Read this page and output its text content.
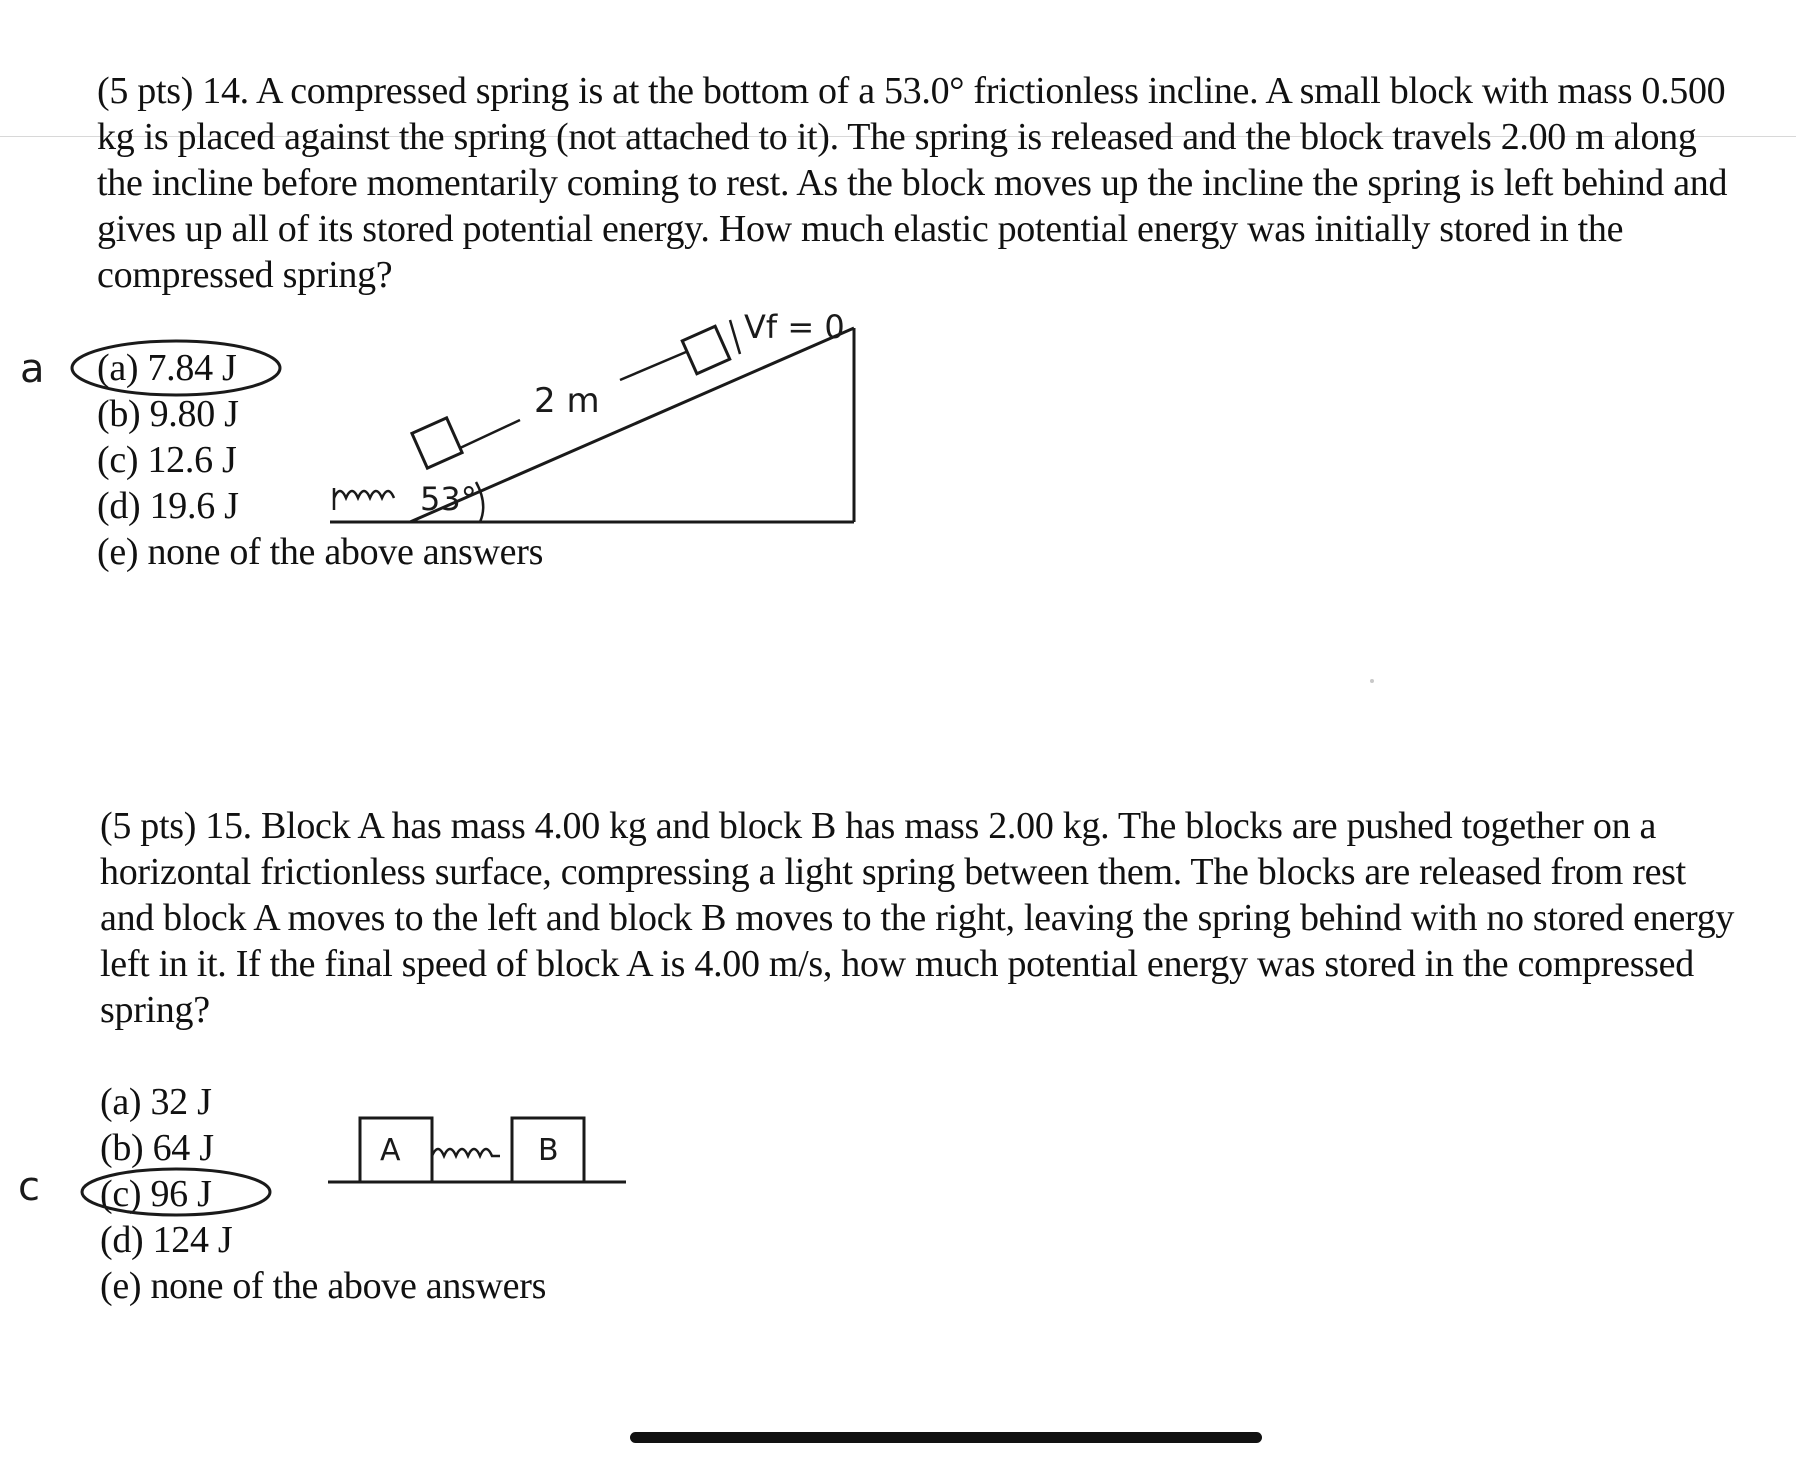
(5 pts) 14. A compressed spring is at the bottom of a 53.0° frictionless incline. A small block with mass 0.500 kg is placed against the spring (not attached to it). The spring is released and the block travels 2.00 m along the incline before momentarily coming to rest. As the block moves up the incline the spring is left behind and gives up all of its stored potential energy. How much elastic potential energy was initially stored in the compressed spring?
(a) 7.84 J
(b) 9.80 J
(c) 12.6 J
(d) 19.6 J
(e) none of the above answers
a
2 m
53°
Vf = 0
(5 pts) 15. Block A has mass 4.00 kg and block B has mass 2.00 kg. The blocks are pushed together on a horizontal frictionless surface, compressing a light spring between them. The blocks are released from rest and block A moves to the left and block B moves to the right, leaving the spring behind with no stored energy left in it. If the final speed of block A is 4.00 m/s, how much potential energy was stored in the compressed spring?
(a) 32 J
(b) 64 J
(c) 96 J
(d) 124 J
(e) none of the above answers
c
A	B
